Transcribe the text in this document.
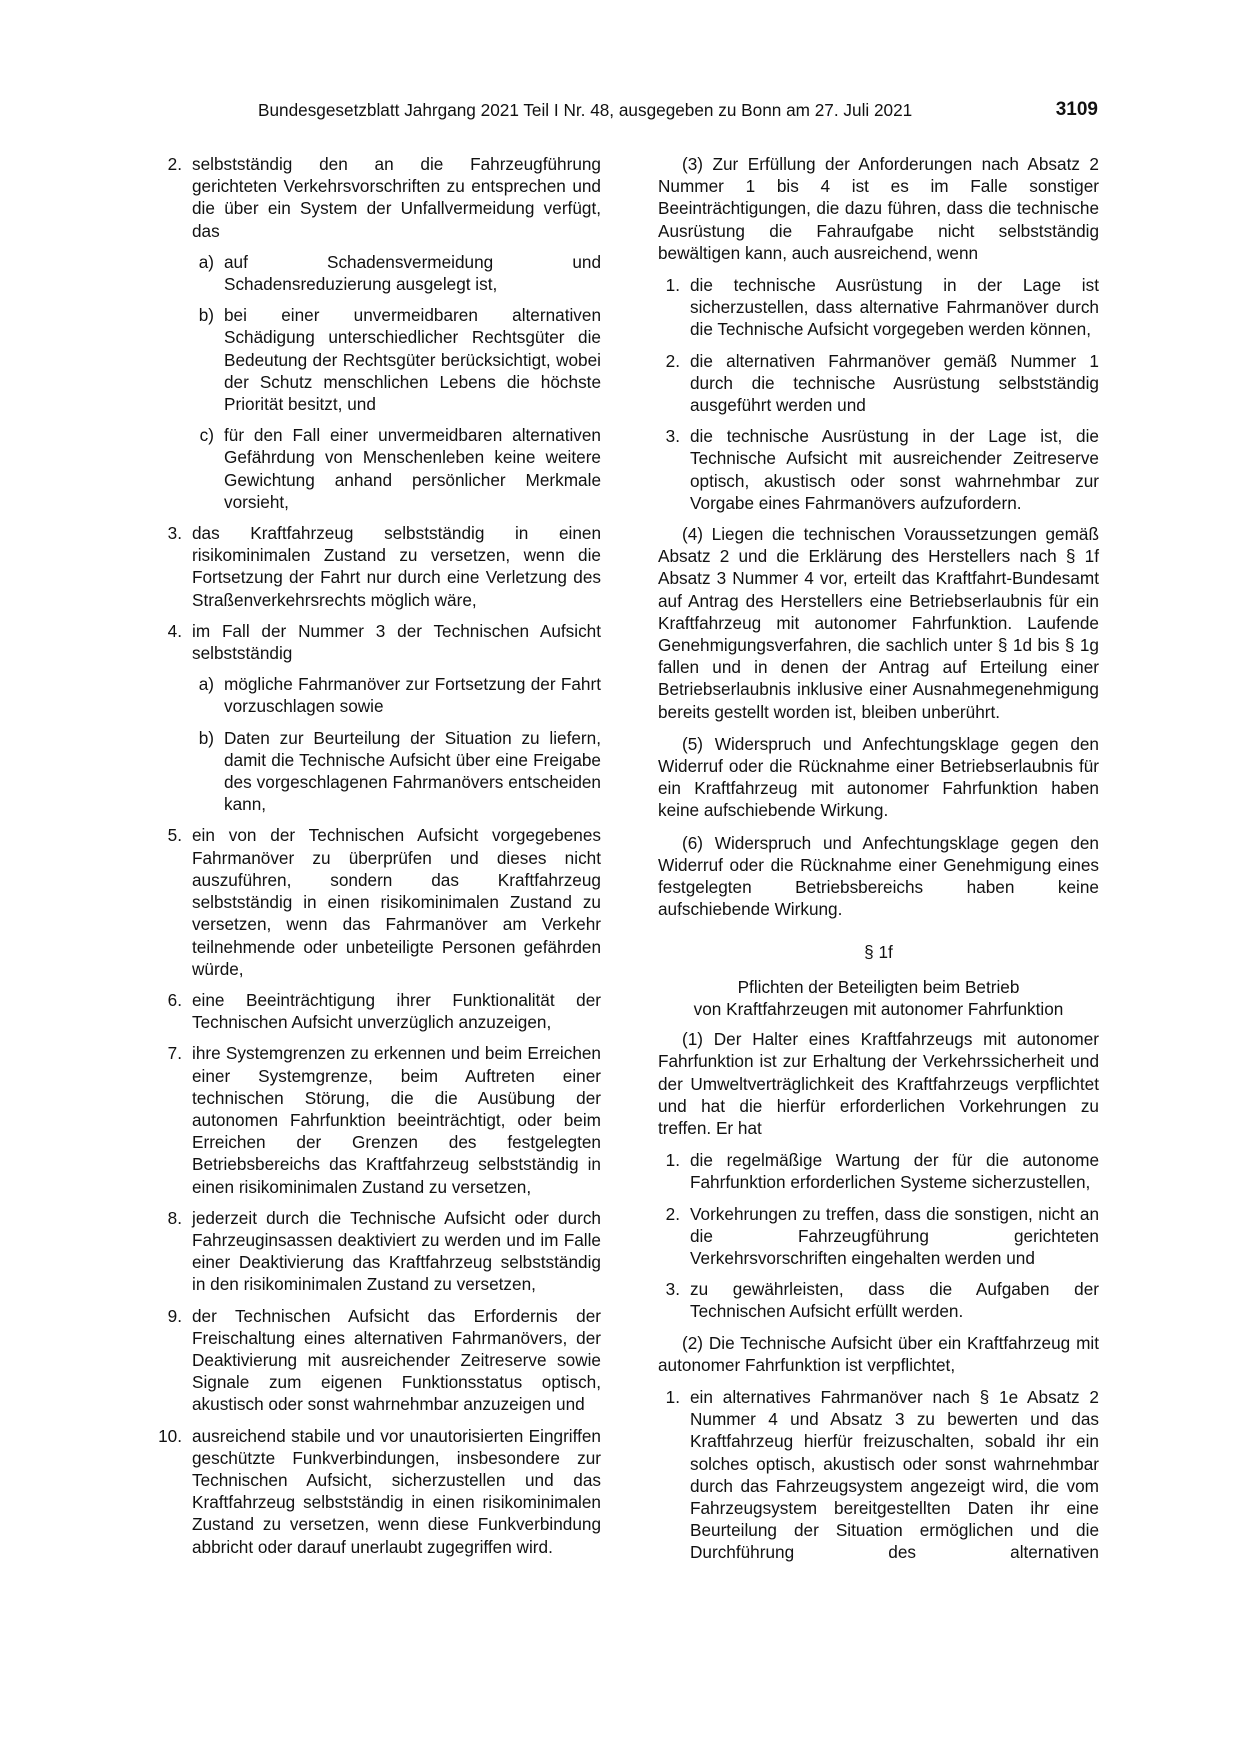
Bundesgesetzblatt Jahrgang 2021 Teil I Nr. 48, ausgegeben zu Bonn am 27. Juli 2021	3109
2. selbstständig den an die Fahrzeugführung gerichteten Verkehrsvorschriften zu entsprechen und die über ein System der Unfallvermeidung verfügt, das
a) auf Schadensvermeidung und Schadensreduzierung ausgelegt ist,
b) bei einer unvermeidbaren alternativen Schädigung unterschiedlicher Rechtsgüter die Bedeutung der Rechtsgüter berücksichtigt, wobei der Schutz menschlichen Lebens die höchste Priorität besitzt, und
c) für den Fall einer unvermeidbaren alternativen Gefährdung von Menschenleben keine weitere Gewichtung anhand persönlicher Merkmale vorsieht,
3. das Kraftfahrzeug selbstständig in einen risikominimalen Zustand zu versetzen, wenn die Fortsetzung der Fahrt nur durch eine Verletzung des Straßenverkehrsrechts möglich wäre,
4. im Fall der Nummer 3 der Technischen Aufsicht selbstständig
a) mögliche Fahrmanöver zur Fortsetzung der Fahrt vorzuschlagen sowie
b) Daten zur Beurteilung der Situation zu liefern, damit die Technische Aufsicht über eine Freigabe des vorgeschlagenen Fahrmanövers entscheiden kann,
5. ein von der Technischen Aufsicht vorgegebenes Fahrmanöver zu überprüfen und dieses nicht auszuführen, sondern das Kraftfahrzeug selbstständig in einen risikominimalen Zustand zu versetzen, wenn das Fahrmanöver am Verkehr teilnehmende oder unbeteiligte Personen gefährden würde,
6. eine Beeinträchtigung ihrer Funktionalität der Technischen Aufsicht unverzüglich anzuzeigen,
7. ihre Systemgrenzen zu erkennen und beim Erreichen einer Systemgrenze, beim Auftreten einer technischen Störung, die die Ausübung der autonomen Fahrfunktion beeinträchtigt, oder beim Erreichen der Grenzen des festgelegten Betriebsbereichs das Kraftfahrzeug selbstständig in einen risikominimalen Zustand zu versetzen,
8. jederzeit durch die Technische Aufsicht oder durch Fahrzeuginsassen deaktiviert zu werden und im Falle einer Deaktivierung das Kraftfahrzeug selbstständig in den risikominimalen Zustand zu versetzen,
9. der Technischen Aufsicht das Erfordernis der Freischaltung eines alternativen Fahrmanövers, der Deaktivierung mit ausreichender Zeitreserve sowie Signale zum eigenen Funktionsstatus optisch, akustisch oder sonst wahrnehmbar anzuzeigen und
10. ausreichend stabile und vor unautorisierten Eingriffen geschützte Funkverbindungen, insbesondere zur Technischen Aufsicht, sicherzustellen und das Kraftfahrzeug selbstständig in einen risikominimalen Zustand zu versetzen, wenn diese Funkverbindung abbricht oder darauf unerlaubt zugegriffen wird.
(3) Zur Erfüllung der Anforderungen nach Absatz 2 Nummer 1 bis 4 ist es im Falle sonstiger Beeinträchtigungen, die dazu führen, dass die technische Ausrüstung die Fahraufgabe nicht selbstständig bewältigen kann, auch ausreichend, wenn
1. die technische Ausrüstung in der Lage ist sicherzustellen, dass alternative Fahrmanöver durch die Technische Aufsicht vorgegeben werden können,
2. die alternativen Fahrmanöver gemäß Nummer 1 durch die technische Ausrüstung selbstständig ausgeführt werden und
3. die technische Ausrüstung in der Lage ist, die Technische Aufsicht mit ausreichender Zeitreserve optisch, akustisch oder sonst wahrnehmbar zur Vorgabe eines Fahrmanövers aufzufordern.
(4) Liegen die technischen Voraussetzungen gemäß Absatz 2 und die Erklärung des Herstellers nach § 1f Absatz 3 Nummer 4 vor, erteilt das Kraftfahrt-Bundesamt auf Antrag des Herstellers eine Betriebserlaubnis für ein Kraftfahrzeug mit autonomer Fahrfunktion. Laufende Genehmigungsverfahren, die sachlich unter § 1d bis § 1g fallen und in denen der Antrag auf Erteilung einer Betriebserlaubnis inklusive einer Ausnahmegenehmigung bereits gestellt worden ist, bleiben unberührt.
(5) Widerspruch und Anfechtungsklage gegen den Widerruf oder die Rücknahme einer Betriebserlaubnis für ein Kraftfahrzeug mit autonomer Fahrfunktion haben keine aufschiebende Wirkung.
(6) Widerspruch und Anfechtungsklage gegen den Widerruf oder die Rücknahme einer Genehmigung eines festgelegten Betriebsbereichs haben keine aufschiebende Wirkung.
§ 1f
Pflichten der Beteiligten beim Betrieb
von Kraftfahrzeugen mit autonomer Fahrfunktion
(1) Der Halter eines Kraftfahrzeugs mit autonomer Fahrfunktion ist zur Erhaltung der Verkehrssicherheit und der Umweltverträglichkeit des Kraftfahrzeugs verpflichtet und hat die hierfür erforderlichen Vorkehrungen zu treffen. Er hat
1. die regelmäßige Wartung der für die autonome Fahrfunktion erforderlichen Systeme sicherzustellen,
2. Vorkehrungen zu treffen, dass die sonstigen, nicht an die Fahrzeugführung gerichteten Verkehrsvorschriften eingehalten werden und
3. zu gewährleisten, dass die Aufgaben der Technischen Aufsicht erfüllt werden.
(2) Die Technische Aufsicht über ein Kraftfahrzeug mit autonomer Fahrfunktion ist verpflichtet,
1. ein alternatives Fahrmanöver nach § 1e Absatz 2 Nummer 4 und Absatz 3 zu bewerten und das Kraftfahrzeug hierfür freizuschalten, sobald ihr ein solches optisch, akustisch oder sonst wahrnehmbar durch das Fahrzeugsystem angezeigt wird, die vom Fahrzeugsystem bereitgestellten Daten ihr eine Beurteilung der Situation ermöglichen und die Durchführung des alternativen
